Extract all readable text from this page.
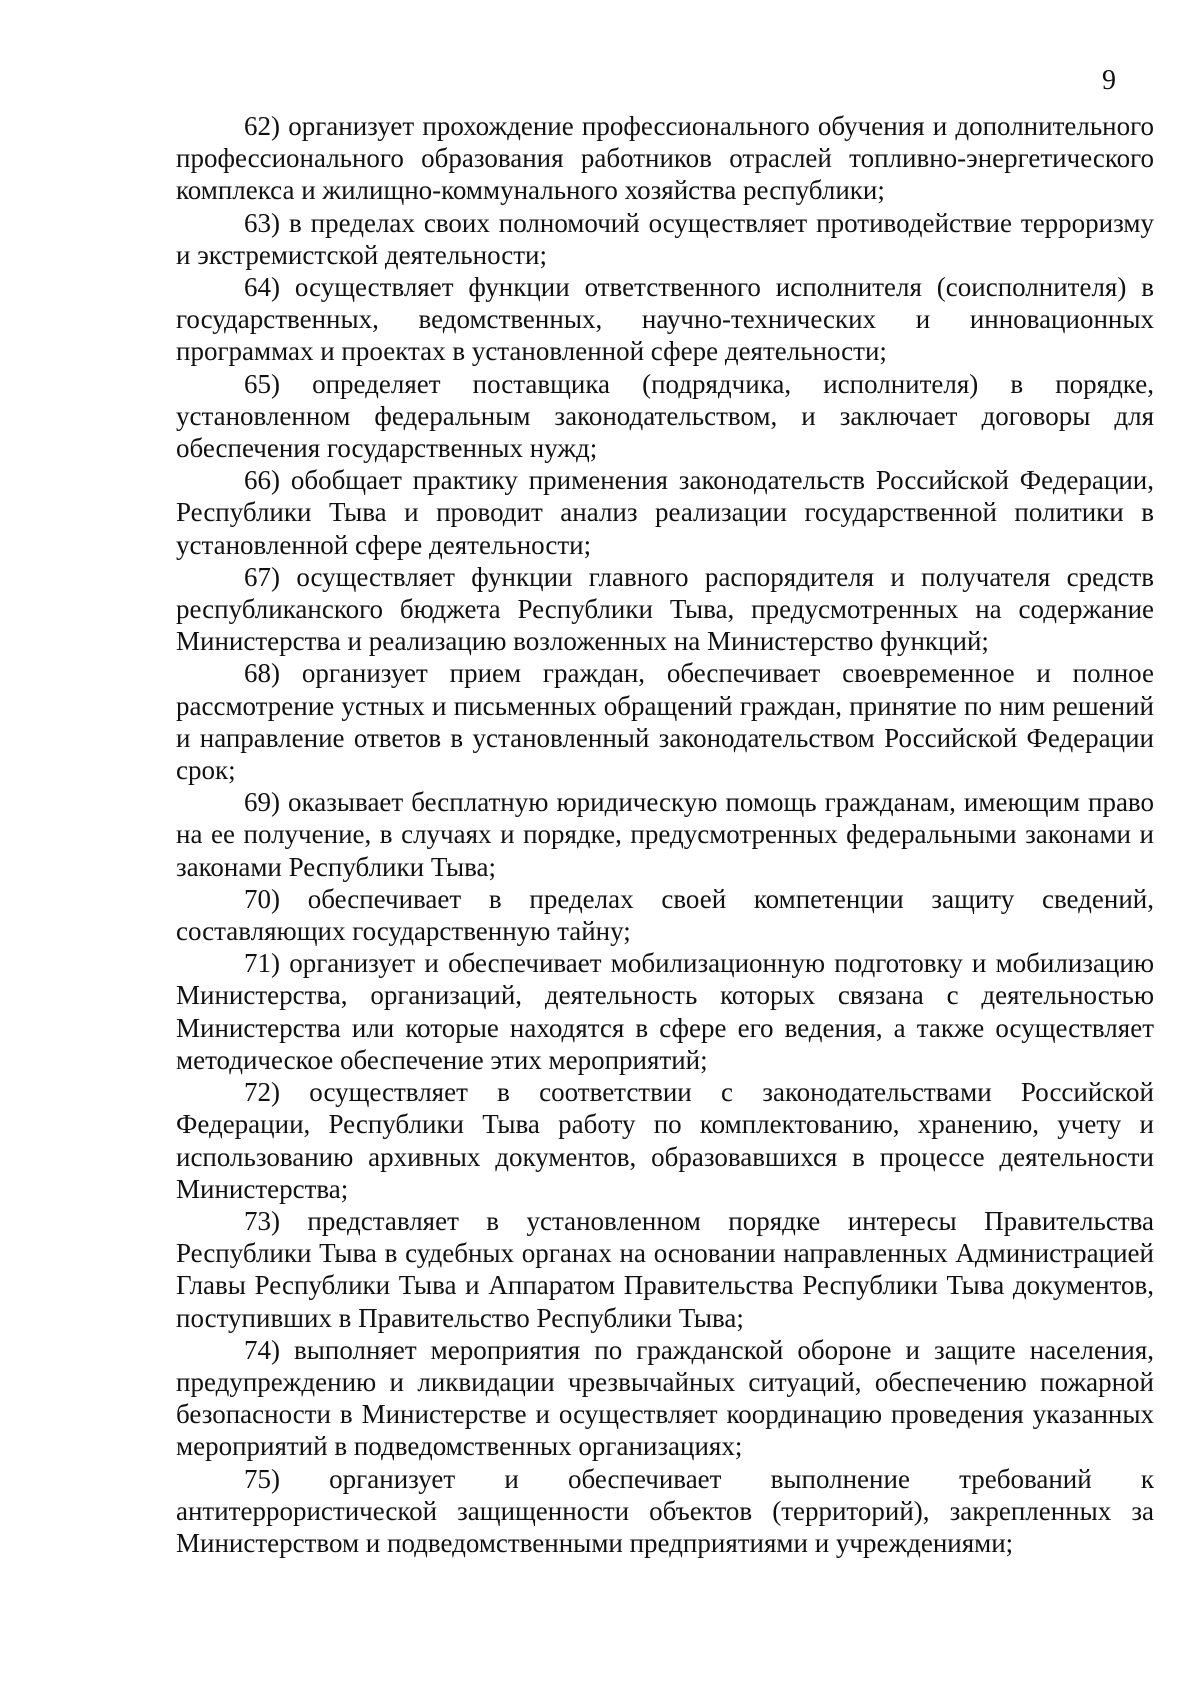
9

62) организует прохождение профессионального обучения и дополнительного профессионального образования работников отраслей топливно-энергетического комплекса и жилищно-коммунального хозяйства республики;

63) в пределах своих полномочий осуществляет противодействие терроризму и экстремистской деятельности;

64) осуществляет функции ответственного исполнителя (соисполнителя) в государственных, ведомственных, научно-технических и инновационных программах и проектах в установленной сфере деятельности;

65) определяет поставщика (подрядчика, исполнителя) в порядке, установленном федеральным законодательством, и заключает договоры для обеспечения государственных нужд;

66) обобщает практику применения законодательств Российской Федерации, Республики Тыва и проводит анализ реализации государственной политики в установленной сфере деятельности;

67) осуществляет функции главного распорядителя и получателя средств республиканского бюджета Республики Тыва, предусмотренных на содержание Министерства и реализацию возложенных на Министерство функций;

68) организует прием граждан, обеспечивает своевременное и полное рассмотрение устных и письменных обращений граждан, принятие по ним решений и направление ответов в установленный законодательством Российской Федерации срок;

69) оказывает бесплатную юридическую помощь гражданам, имеющим право на ее получение, в случаях и порядке, предусмотренных федеральными законами и законами Республики Тыва;

70) обеспечивает в пределах своей компетенции защиту сведений, составляющих государственную тайну;

71) организует и обеспечивает мобилизационную подготовку и мобилизацию Министерства, организаций, деятельность которых связана с деятельностью Министерства или которые находятся в сфере его ведения, а также осуществляет методическое обеспечение этих мероприятий;

72) осуществляет в соответствии с законодательствами Российской Федерации, Республики Тыва работу по комплектованию, хранению, учету и использованию архивных документов, образовавшихся в процессе деятельности Министерства;

73) представляет в установленном порядке интересы Правительства Республики Тыва в судебных органах на основании направленных Администрацией Главы Республики Тыва и Аппаратом Правительства Республики Тыва документов, поступивших в Правительство Республики Тыва;

74) выполняет мероприятия по гражданской обороне и защите населения, предупреждению и ликвидации чрезвычайных ситуаций, обеспечению пожарной безопасности в Министерстве и осуществляет координацию проведения указанных мероприятий в подведомственных организациях;

75) организует и обеспечивает выполнение требований к антитеррористической защищенности объектов (территорий), закрепленных за Министерством и подведомственными предприятиями и учреждениями;
